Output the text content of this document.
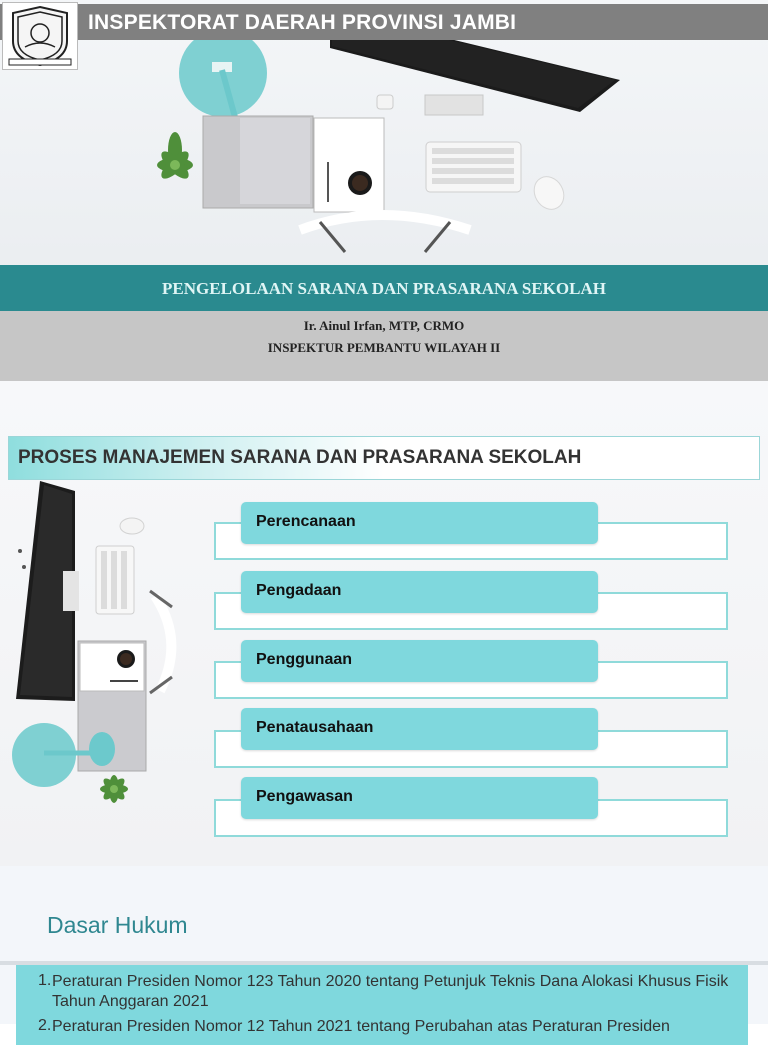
INSPEKTORAT DAERAH PROVINSI JAMBI
PENGELOLAAN SARANA DAN PRASARANA SEKOLAH
Ir. Ainul Irfan, MTP, CRMO
INSPEKTUR PEMBANTU WILAYAH II
PROSES MANAJEMEN SARANA DAN PRASARANA SEKOLAH
Perencanaan
Pengadaan
Penggunaan
Penatausahaan
Pengawasan
Dasar Hukum
1. Peraturan Presiden Nomor 123 Tahun 2020 tentang Petunjuk Teknis Dana Alokasi Khusus Fisik Tahun Anggaran 2021
2. Peraturan Presiden Nomor 12 Tahun 2021 tentang Perubahan atas Peraturan Presiden
